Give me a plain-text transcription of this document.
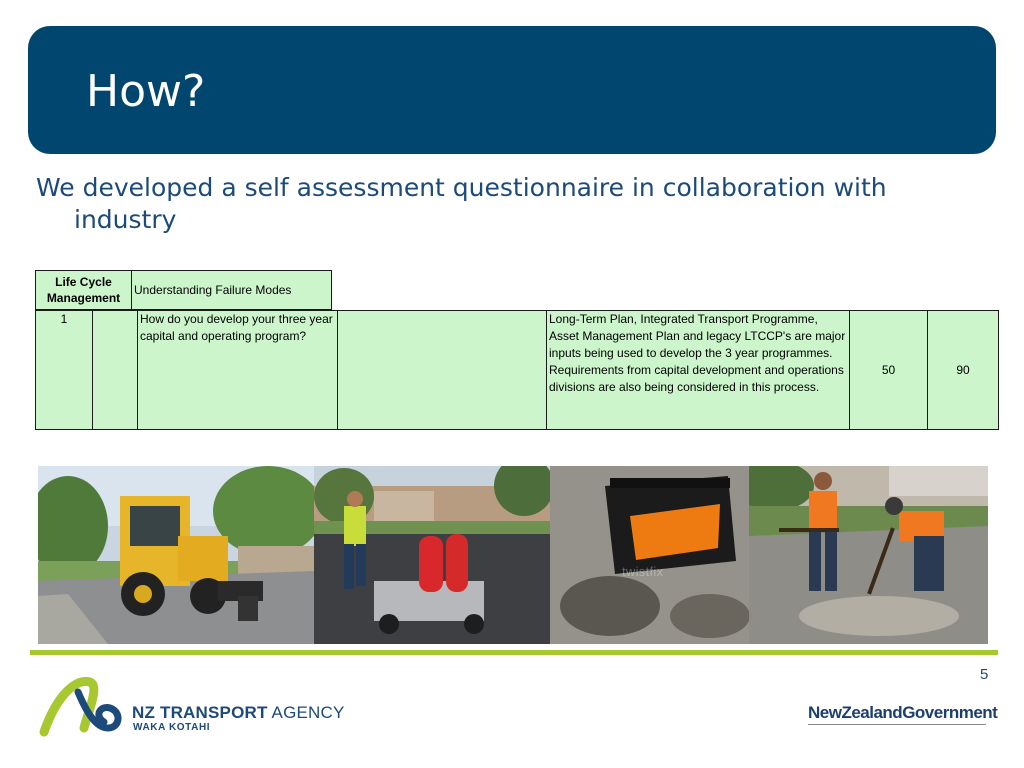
How?

We developed a self assessment questionnaire in collaboration with industry

Life Cycle Management	Understanding Failure Modes
1		How do you develop your three year capital and operating program?		Long-Term Plan, Integrated Transport Programme, Asset Management Plan and legacy LTCCP's are major inputs being used to develop the 3 year programmes. Requirements from capital development and operations divisions are also being considered in this process.	50	90
twistfix
5
NZ TRANSPORT AGENCY
WAKA KOTAHI
NewZealandGovernment
